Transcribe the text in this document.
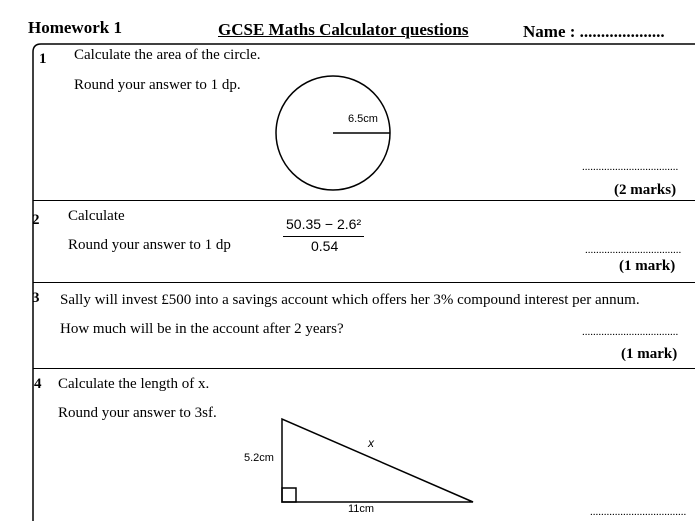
Homework 1	GCSE Maths Calculator questions	Name : ....................
1 Calculate the area of the circle.
Round your answer to 1 dp.
6.5cm
...................................
(2 marks)
2 Calculate
Round your answer to 1 dp
50.35 − 2.6²
0.54	...................................
(1 mark)
3 Sally will invest £500 into a savings account which offers her 3% compound interest per annum.
How much will be in the account after 2 years?	...................................
(1 mark)
4 Calculate the length of x.
Round your answer to 3sf.
5.2cm
11cm
x
...................................
